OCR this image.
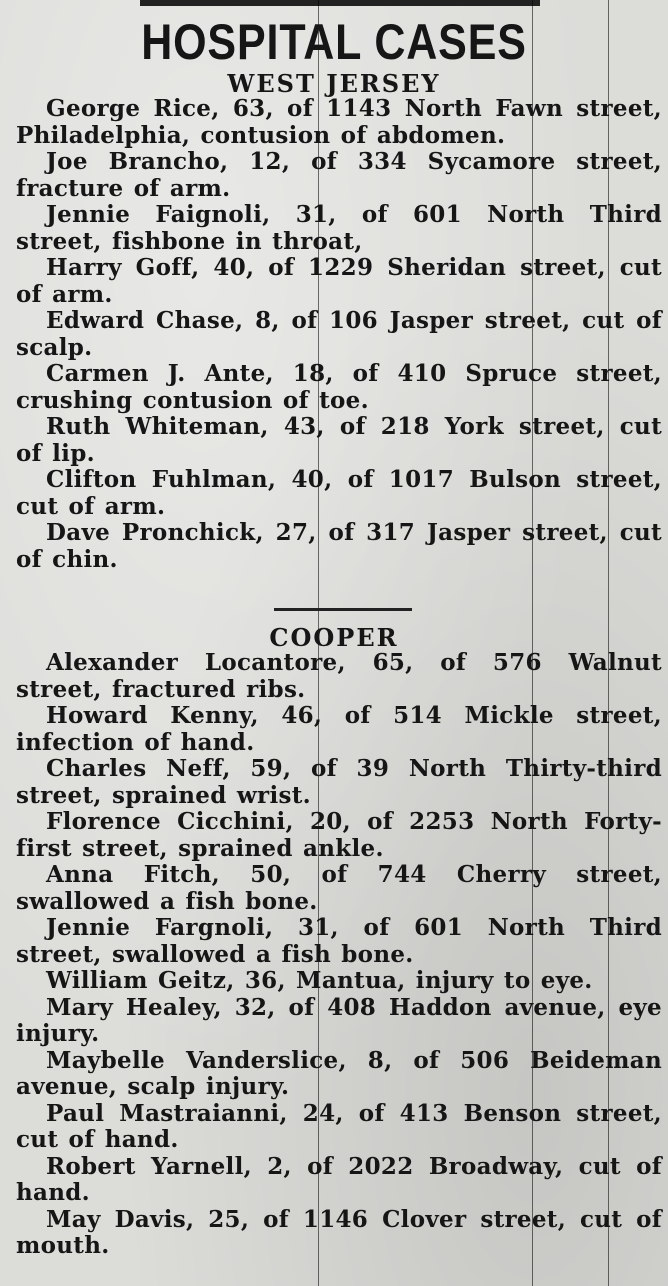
HOSPITAL CASES
WEST JERSEY
George Rice, 63, of 1143 North Fawn street, Philadelphia, contusion of abdomen.
Joe Brancho, 12, of 334 Sycamore street, fracture of arm.
Jennie Faignoli, 31, of 601 North Third street, fishbone in throat,
Harry Goff, 40, of 1229 Sheridan street, cut of arm.
Edward Chase, 8, of 106 Jasper street, cut of scalp.
Carmen J. Ante, 18, of 410 Spruce street, crushing contusion of toe.
Ruth Whiteman, 43, of 218 York street, cut of lip.
Clifton Fuhlman, 40, of 1017 Bulson street, cut of arm.
Dave Pronchick, 27, of 317 Jasper street, cut of chin.
COOPER
Alexander Locantore, 65, of 576 Walnut street, fractured ribs.
Howard Kenny, 46, of 514 Mickle street, infection of hand.
Charles Neff, 59, of 39 North Thirty-third street, sprained wrist.
Florence Cicchini, 20, of 2253 North Forty-first street, sprained ankle.
Anna Fitch, 50, of 744 Cherry street, swallowed a fish bone.
Jennie Fargnoli, 31, of 601 North Third street, swallowed a fish bone.
William Geitz, 36, Mantua, injury to eye.
Mary Healey, 32, of 408 Haddon avenue, eye injury.
Maybelle Vanderslice, 8, of 506 Beideman avenue, scalp injury.
Paul Mastraianni, 24, of 413 Benson street, cut of hand.
Robert Yarnell, 2, of 2022 Broadway, cut of hand.
May Davis, 25, of 1146 Clover street, cut of mouth.
